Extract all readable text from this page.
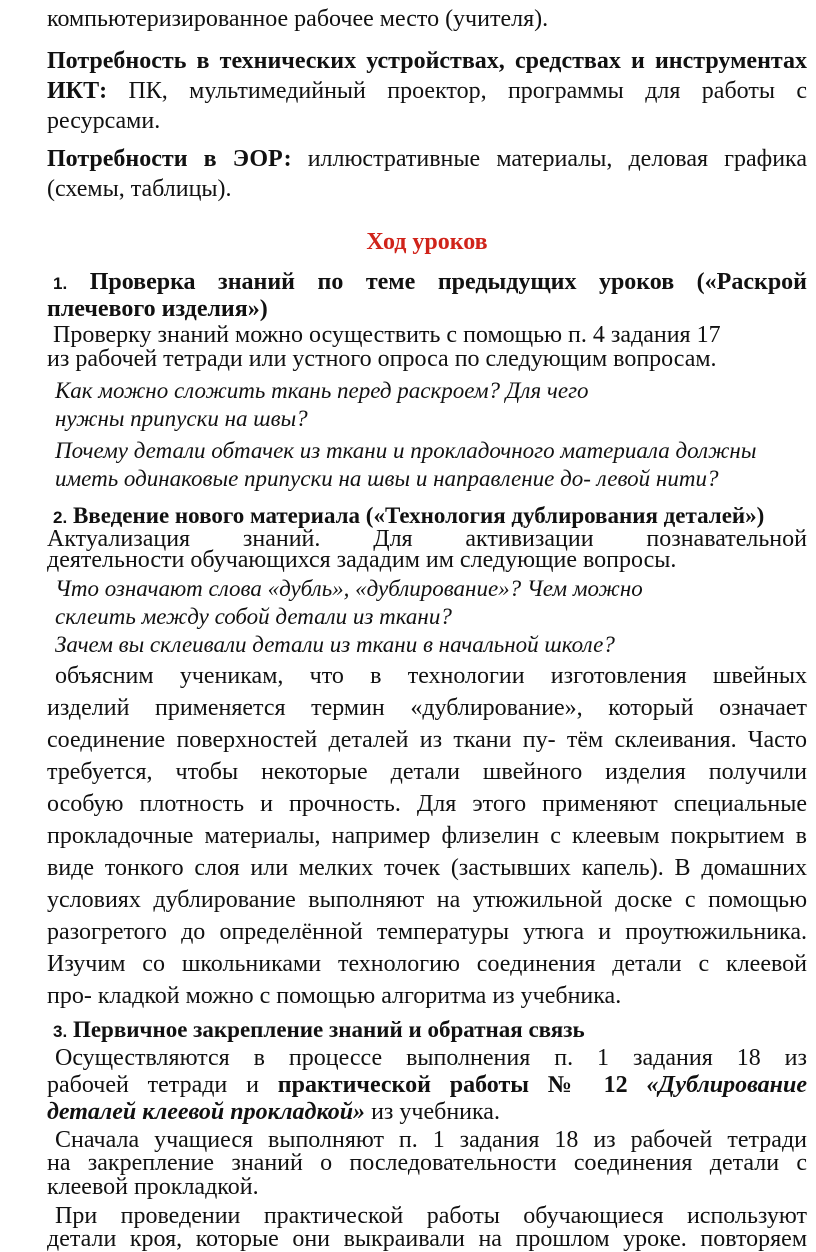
компьютеризированное рабочее место (учителя).
Потребность в технических устройствах, средствах и инструментах
ИКТ: ПК, мультимедийный проектор, программы для работы с
ресурсами.
Потребности в ЭОР: иллюстративные материалы, деловая графика
(схемы, таблицы).
Ход уроков
1. Проверка знаний по теме предыдущих уроков («Раскрой
плечевого изделия»)
Проверку знаний можно осуществить с помощью п. 4 задания 17
из рабочей тетради или устного опроса по следующим вопросам.
Как можно сложить ткань перед раскроем? Для чего
нужны припуски на швы?
Почему детали обтачек из ткани и прокладочного материала должны
иметь одинаковые припуски на швы и направление до- левой нити?
2. Введение нового материала («Технология дублирования деталей»)
Актуализация знаний. Для активизации познавательной
деятельности обучающихся зададим им следующие вопросы.
Что означают слова «дубль», «дублирование»? Чем можно
склеить между собой детали из ткани?
Зачем вы склеивали детали из ткани в начальной школе?
объясним ученикам, что в технологии изготовления швейных
изделий применяется термин «дублирование», который означает
соединение поверхностей деталей из ткани пу- тём склеивания. Часто
требуется, чтобы некоторые детали швейного изделия получили
особую плотность и прочность. Для этого применяют специальные
прокладочные материалы, например флизелин с клеевым покрытием в
виде тонкого слоя или мелких точек (застывших капель). В домашних
условиях дублирование выполняют на утюжильной доске с помощью
разогретого до определённой температуры утюга и проутюжильника.
Изучим со школьниками технологию соединения детали с клеевой
про- кладкой можно с помощью алгоритма из учебника.
3. Первичное закрепление знаний и обратная связь
Осуществляются в процессе выполнения п. 1 задания 18 из
рабочей тетради и практической работы № 12 «Дублирование
деталей клеевой прокладкой» из учебника.
Сначала учащиеся выполняют п. 1 задания 18 из рабочей тетради
на закрепление знаний о последовательности соединения детали с
клеевой прокладкой.
При проведении практической работы обучающиеся используют
детали кроя, которые они выкраивали на прошлом уроке. повторяем
